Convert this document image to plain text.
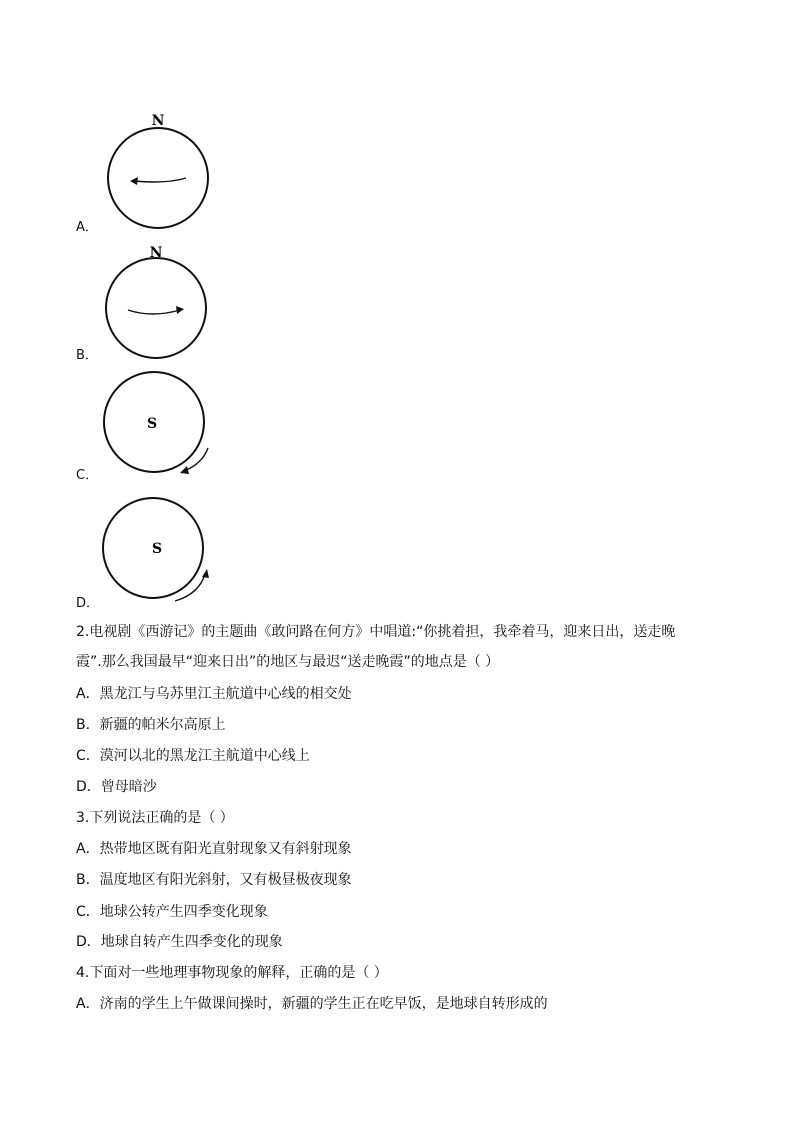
N
A．
N
B．
S
C．
S
D．
2.电视剧《西游记》的主题曲《敢问路在何方》中唱道:“你挑着担，我牵着马，迎来日出，送走晚
霞”.那么我国最早“迎来日出”的地区与最迟“送走晚霞”的地点是（ ）
A．黑龙江与乌苏里江主航道中心线的相交处
B．新疆的帕米尔高原上
C．漠河以北的黑龙江主航道中心线上
D．曾母暗沙
3.下列说法正确的是（ ）
A．热带地区既有阳光直射现象又有斜射现象
B．温度地区有阳光斜射，又有极昼极夜现象
C．地球公转产生四季变化现象
D．地球自转产生四季变化的现象
4.下面对一些地理事物现象的解释，正确的是（ ）
A．济南的学生上午做课间操时，新疆的学生正在吃早饭，是地球自转形成的
